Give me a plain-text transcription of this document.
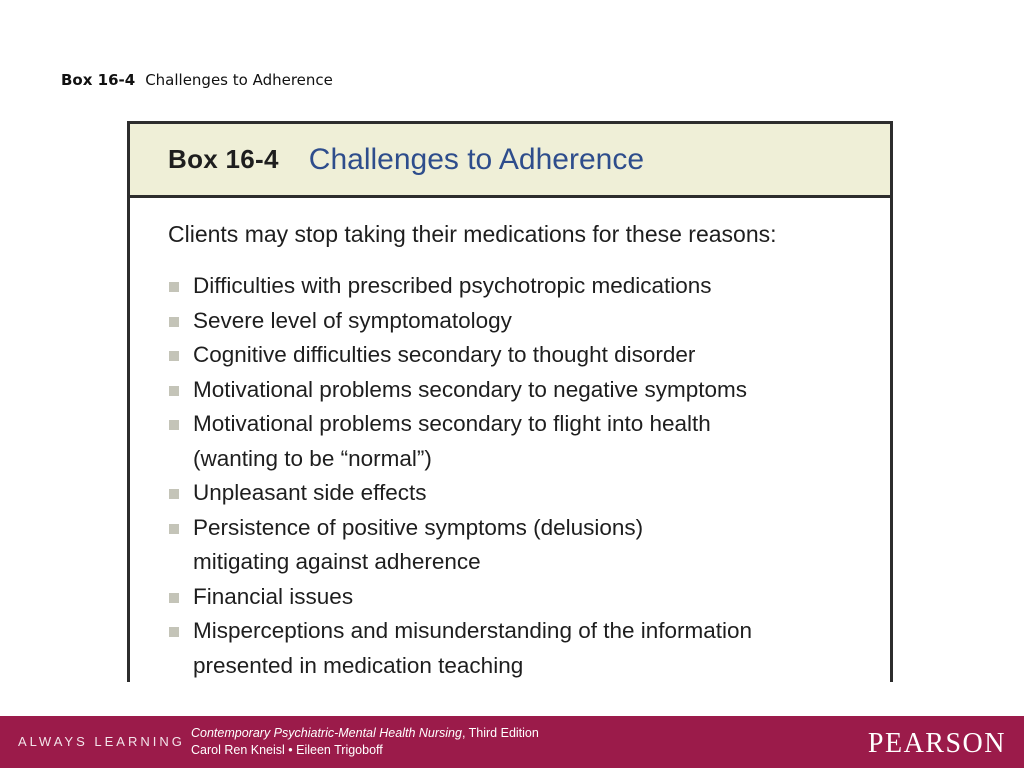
Box 16-4 Challenges to Adherence
Box 16-4 Challenges to Adherence

Clients may stop taking their medications for these reasons:

Difficulties with prescribed psychotropic medications
Severe level of symptomatology
Cognitive difficulties secondary to thought disorder
Motivational problems secondary to negative symptoms
Motivational problems secondary to flight into health
(wanting to be “normal”)
Unpleasant side effects
Persistence of positive symptoms (delusions)
mitigating against adherence
Financial issues
Misperceptions and misunderstanding of the information
presented in medication teaching
ALWAYS LEARNING
Contemporary Psychiatric-Mental Health Nursing, Third Edition
Carol Ren Kneisl • Eileen Trigoboff	PEARSON
